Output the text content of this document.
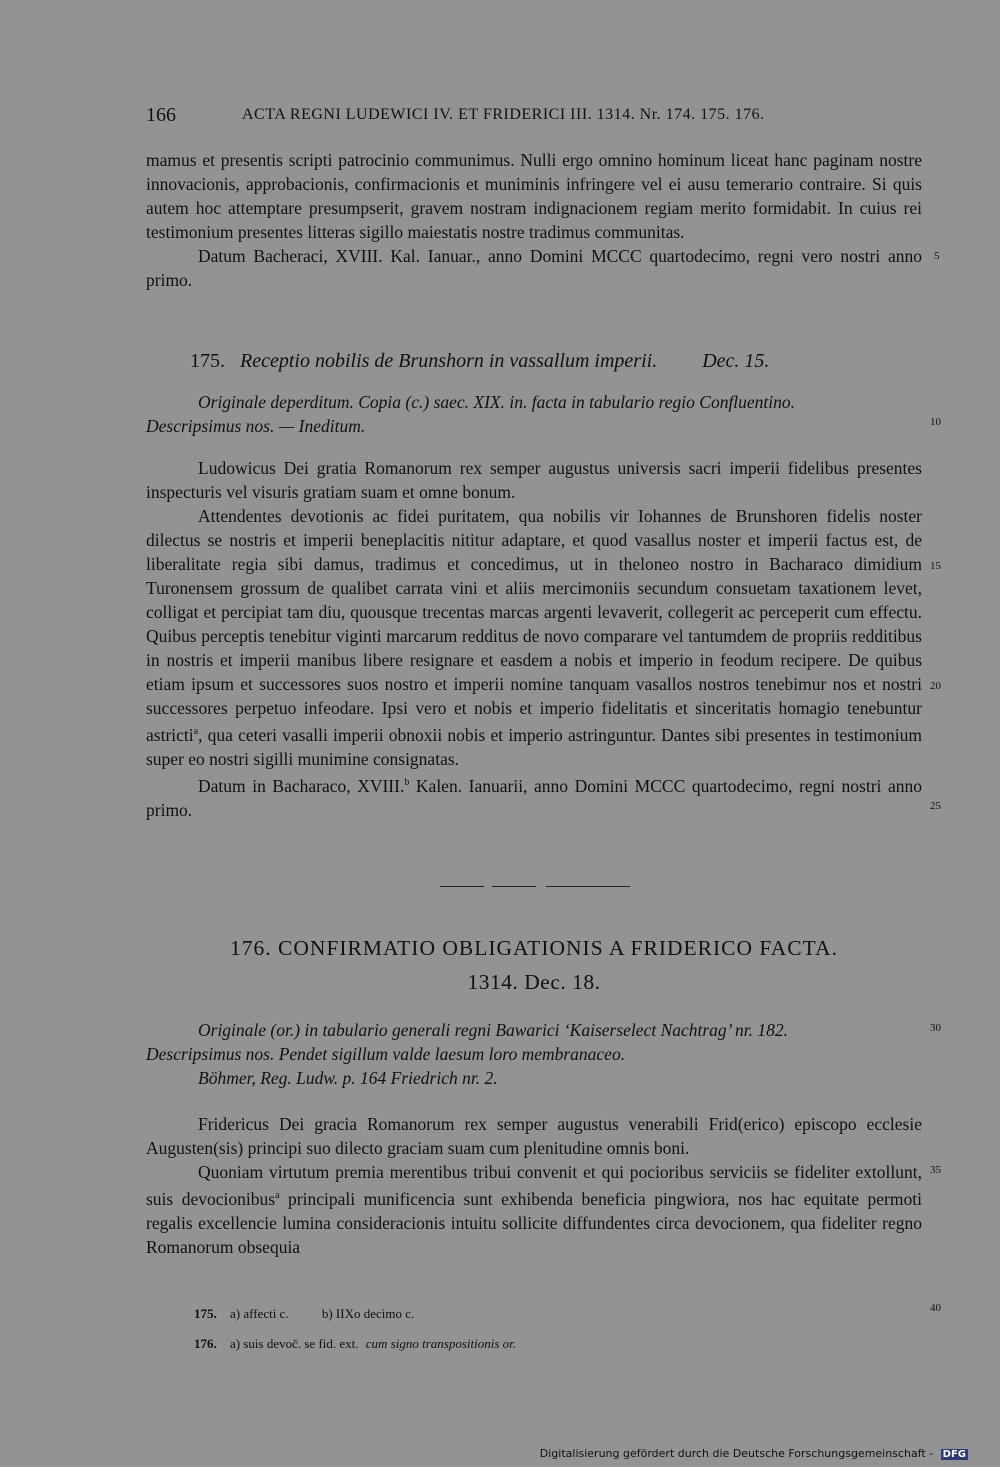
166	ACTA REGNI LUDEWICI IV. ET FRIDERICI III. 1314. Nr. 174. 175. 176.

mamus et presentis scripti patrocinio communimus. Nulli ergo omnino hominum liceat hanc paginam nostre innovacionis, approbacionis, confirmacionis et muniminis infringere vel ei ausu temerario contraire. Si quis autem hoc attemptare presumpserit, gravem nostram indignacionem regiam merito formidabit. In cuius rei testimonium presentes litteras sigillo maiestatis nostre tradimus communitas.

Datum Bacheraci, XVIII. Kal. Ianuar., anno Domini MCCC quartodecimo, regni vero nostri anno primo.

175. Receptio nobilis de Brunshorn in vassallum imperii. Dec. 15.
Originale deperditum. Copia (c.) saec. XIX. in. facta in tabulario regio Confluentino.
Descripsimus nos. — Ineditum.

Ludowicus Dei gratia Romanorum rex semper augustus universis sacri imperii fidelibus presentes inspecturis vel visuris gratiam suam et omne bonum.

Attendentes devotionis ac fidei puritatem, qua nobilis vir Iohannes de Brunshoren fidelis noster dilectus se nostris et imperii beneplacitis nititur adaptare, et quod vasallus noster et imperii factus est, de liberalitate regia sibi damus, tradimus et concedimus, ut in theloneo nostro in Bacharaco dimidium Turonensem grossum de qualibet carrata vini et aliis mercimoniis secundum consuetam taxationem levet, colligat et percipiat tam diu, quousque trecentas marcas argenti levaverit, collegerit ac perceperit cum effectu. Quibus perceptis tenebitur viginti marcarum redditus de novo comparare vel tantumdem de propriis redditibus in nostris et imperii manibus libere resignare et easdem a nobis et imperio in feodum recipere. De quibus etiam ipsum et successores suos nostro et imperii nomine tanquam vasallos nostros tenebimur nos et nostri successores perpetuo infeodare. Ipsi vero et nobis et imperio fidelitatis et sinceritatis homagio tenebuntur astricti$^a$, qua ceteri vasalli imperii obnoxii nobis et imperio astringuntur. Dantes sibi presentes in testimonium super eo nostri sigilli munimine consignatas.

Datum in Bacharaco, XVIII.$^b$ Kalen. Ianuarii, anno Domini MCCC quartodecimo, regni nostri anno primo.

176. CONFIRMATIO OBLIGATIONIS A FRIDERICO FACTA.
1314. Dec. 18.
Originale (or.) in tabulario generali regni Bawarici ‘Kaiserselect Nachtrag’ nr. 182.
Descripsimus nos. Pendet sigillum valde laesum loro membranaceo.
Böhmer, Reg. Ludw. p. 164 Friedrich nr. 2.

Fridericus Dei gracia Romanorum rex semper augustus venerabili Frid(erico) episcopo ecclesie Augusten(sis) principi suo dilecto graciam suam cum plenitudine omnis boni.

Quoniam virtutum premia merentibus tribui convenit et qui pocioribus serviciis se fideliter extollunt, suis devocionibus$^a$ principali munificencia sunt exhibenda beneficia pingwiora, nos hac equitate permoti regalis excellencie lumina consideracionis intuitu sollicite diffundentes circa devocionem, qua fideliter regno Romanorum obsequia

5
10
15
20
25
30
35
40
175. a) affecti c.	b) IIXo decimo c.
176. a) suis devoč. se fid. ext. cum signo transpositionis or.
Digitalisierung gefördert durch die Deutsche Forschungsgemeinschaft - DFG
